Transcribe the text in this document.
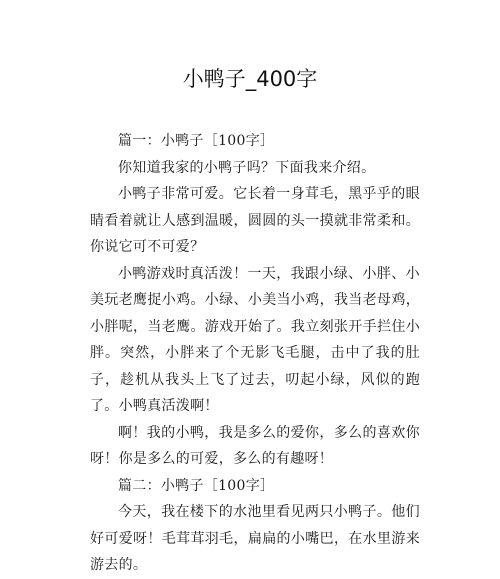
小鸭子_400字

篇一：小鸭子［100字］

你知道我家的小鸭子吗？下面我来介绍。

小鸭子非常可爱。它长着一身茸毛，黑乎乎的眼睛看着就让人感到温暖，圆圆的头一摸就非常柔和。你说它可不可爱？

小鸭游戏时真活泼！一天，我跟小绿、小胖、小美玩老鹰捉小鸡。小绿、小美当小鸡，我当老母鸡，小胖呢，当老鹰。游戏开始了。我立刻张开手拦住小胖。突然，小胖来了个无影飞毛腿，击中了我的肚子，趁机从我头上飞了过去，叨起小绿，风似的跑了。小鸭真活泼啊！

啊！我的小鸭，我是多么的爱你，多么的喜欢你呀！你是多么的可爱，多么的有趣呀！

篇二：小鸭子［100字］

今天，我在楼下的水池里看见两只小鸭子。他们好可爱呀！毛茸茸羽毛，扁扁的小嘴巴，在水里游来游去的。
